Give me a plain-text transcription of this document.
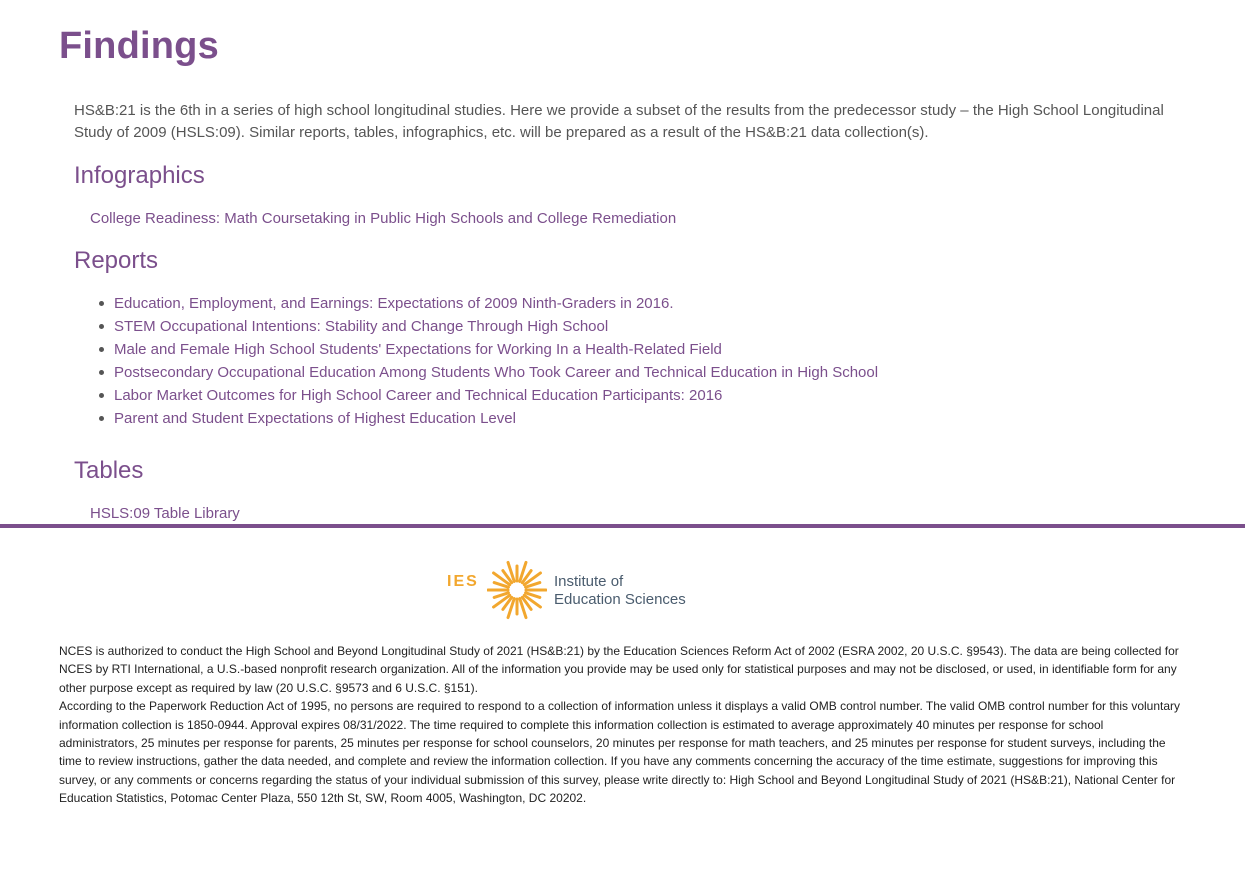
Findings

HS&B:21 is the 6th in a series of high school longitudinal studies. Here we provide a subset of the results from the predecessor study – the High School Longitudinal Study of 2009 (HSLS:09). Similar reports, tables, infographics, etc. will be prepared as a result of the HS&B:21 data collection(s).

Infographics
College Readiness: Math Coursetaking in Public High Schools and College Remediation
Reports
Education, Employment, and Earnings: Expectations of 2009 Ninth-Graders in 2016.
STEM Occupational Intentions: Stability and Change Through High School
Male and Female High School Students' Expectations for Working In a Health-Related Field
Postsecondary Occupational Education Among Students Who Took Career and Technical Education in High School
Labor Market Outcomes for High School Career and Technical Education Participants: 2016
Parent and Student Expectations of Highest Education Level
Tables
HSLS:09 Table Library
IES	Institute of
Education Sciences

NCES is authorized to conduct the High School and Beyond Longitudinal Study of 2021 (HS&B:21) by the Education Sciences Reform Act of 2002 (ESRA 2002, 20 U.S.C. §9543). The data are being collected for NCES by RTI International, a U.S.-based nonprofit research organization. All of the information you provide may be used only for statistical purposes and may not be disclosed, or used, in identifiable form for any other purpose except as required by law (20 U.S.C. §9573 and 6 U.S.C. §151).

According to the Paperwork Reduction Act of 1995, no persons are required to respond to a collection of information unless it displays a valid OMB control number. The valid OMB control number for this voluntary information collection is 1850-0944. Approval expires 08/31/2022. The time required to complete this information collection is estimated to average approximately 40 minutes per response for school administrators, 25 minutes per response for parents, 25 minutes per response for school counselors, 20 minutes per response for math teachers, and 25 minutes per response for student surveys, including the time to review instructions, gather the data needed, and complete and review the information collection. If you have any comments concerning the accuracy of the time estimate, suggestions for improving this survey, or any comments or concerns regarding the status of your individual submission of this survey, please write directly to: High School and Beyond Longitudinal Study of 2021 (HS&B:21), National Center for Education Statistics, Potomac Center Plaza, 550 12th St, SW, Room 4005, Washington, DC 20202.
